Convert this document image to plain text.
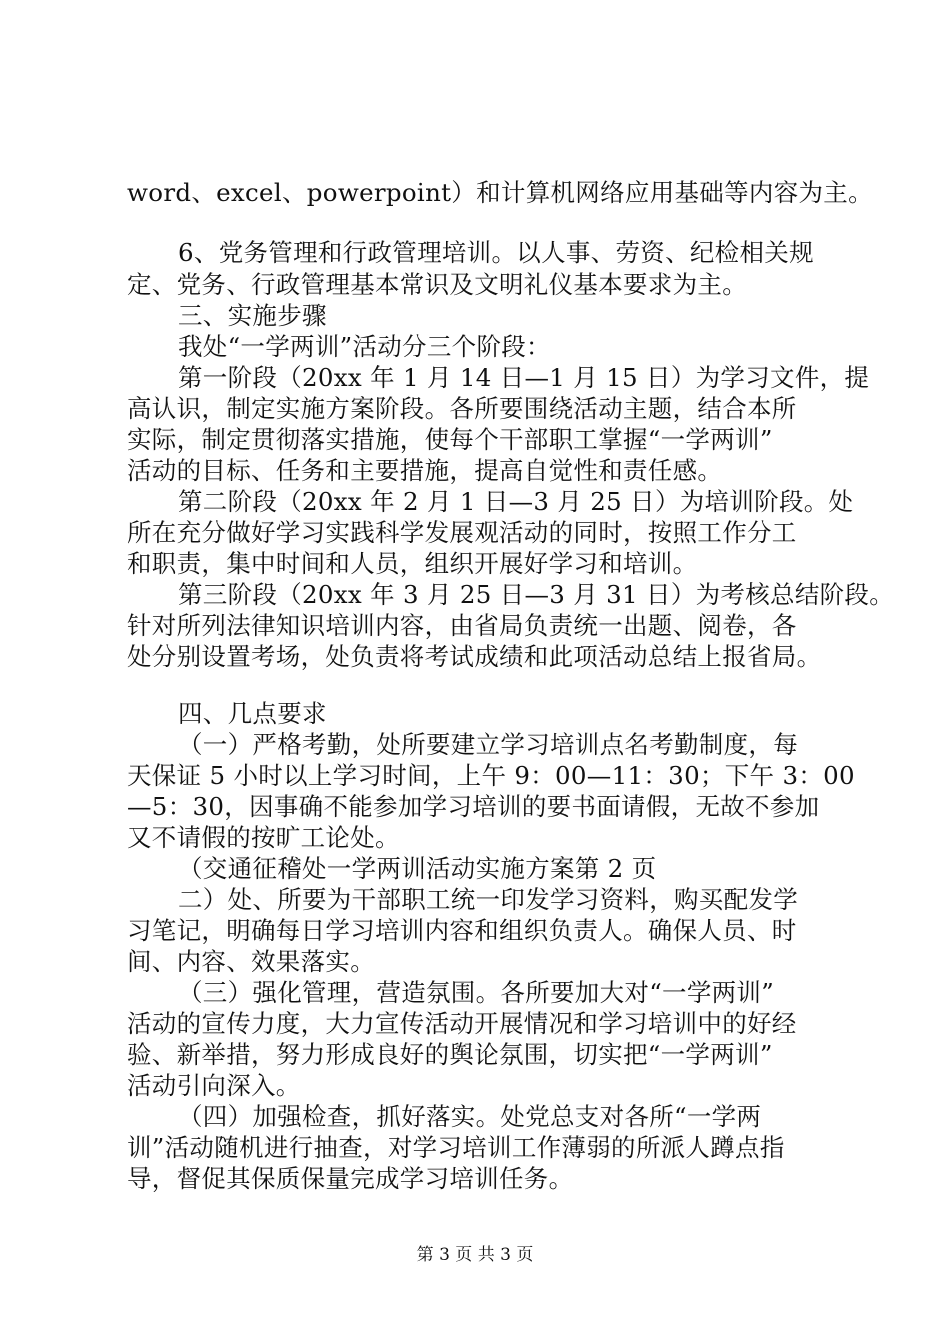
word、excel、powerpoint）和计算机网络应用基础等内容为主。
6、党务管理和行政管理培训。以人事、劳资、纪检相关规
定、党务、行政管理基本常识及文明礼仪基本要求为主。
三、实施步骤
我处“一学两训”活动分三个阶段：
第一阶段（20xx 年 1 月 14 日—1 月 15 日）为学习文件，提
高认识，制定实施方案阶段。各所要围绕活动主题，结合本所
实际，制定贯彻落实措施，使每个干部职工掌握“一学两训”
活动的目标、任务和主要措施，提高自觉性和责任感。
第二阶段（20xx 年 2 月 1 日—3 月 25 日）为培训阶段。处
所在充分做好学习实践科学发展观活动的同时，按照工作分工
和职责，集中时间和人员，组织开展好学习和培训。
第三阶段（20xx 年 3 月 25 日—3 月 31 日）为考核总结阶段。
针对所列法律知识培训内容，由省局负责统一出题、阅卷，各
处分别设置考场，处负责将考试成绩和此项活动总结上报省局。
四、几点要求
（一）严格考勤，处所要建立学习培训点名考勤制度，每
天保证 5 小时以上学习时间，上午 9：00—11：30；下午 3：00
—5：30，因事确不能参加学习培训的要书面请假，无故不参加
又不请假的按旷工论处。
（交通征稽处一学两训活动实施方案第 2 页
二）处、所要为干部职工统一印发学习资料，购买配发学
习笔记，明确每日学习培训内容和组织负责人。确保人员、时
间、内容、效果落实。
（三）强化管理，营造氛围。各所要加大对“一学两训”
活动的宣传力度，大力宣传活动开展情况和学习培训中的好经
验、新举措，努力形成良好的舆论氛围，切实把“一学两训”
活动引向深入。
（四）加强检查，抓好落实。处党总支对各所“一学两
训”活动随机进行抽查，对学习培训工作薄弱的所派人蹲点指
导，督促其保质保量完成学习培训任务。
第 3 页 共 3 页
